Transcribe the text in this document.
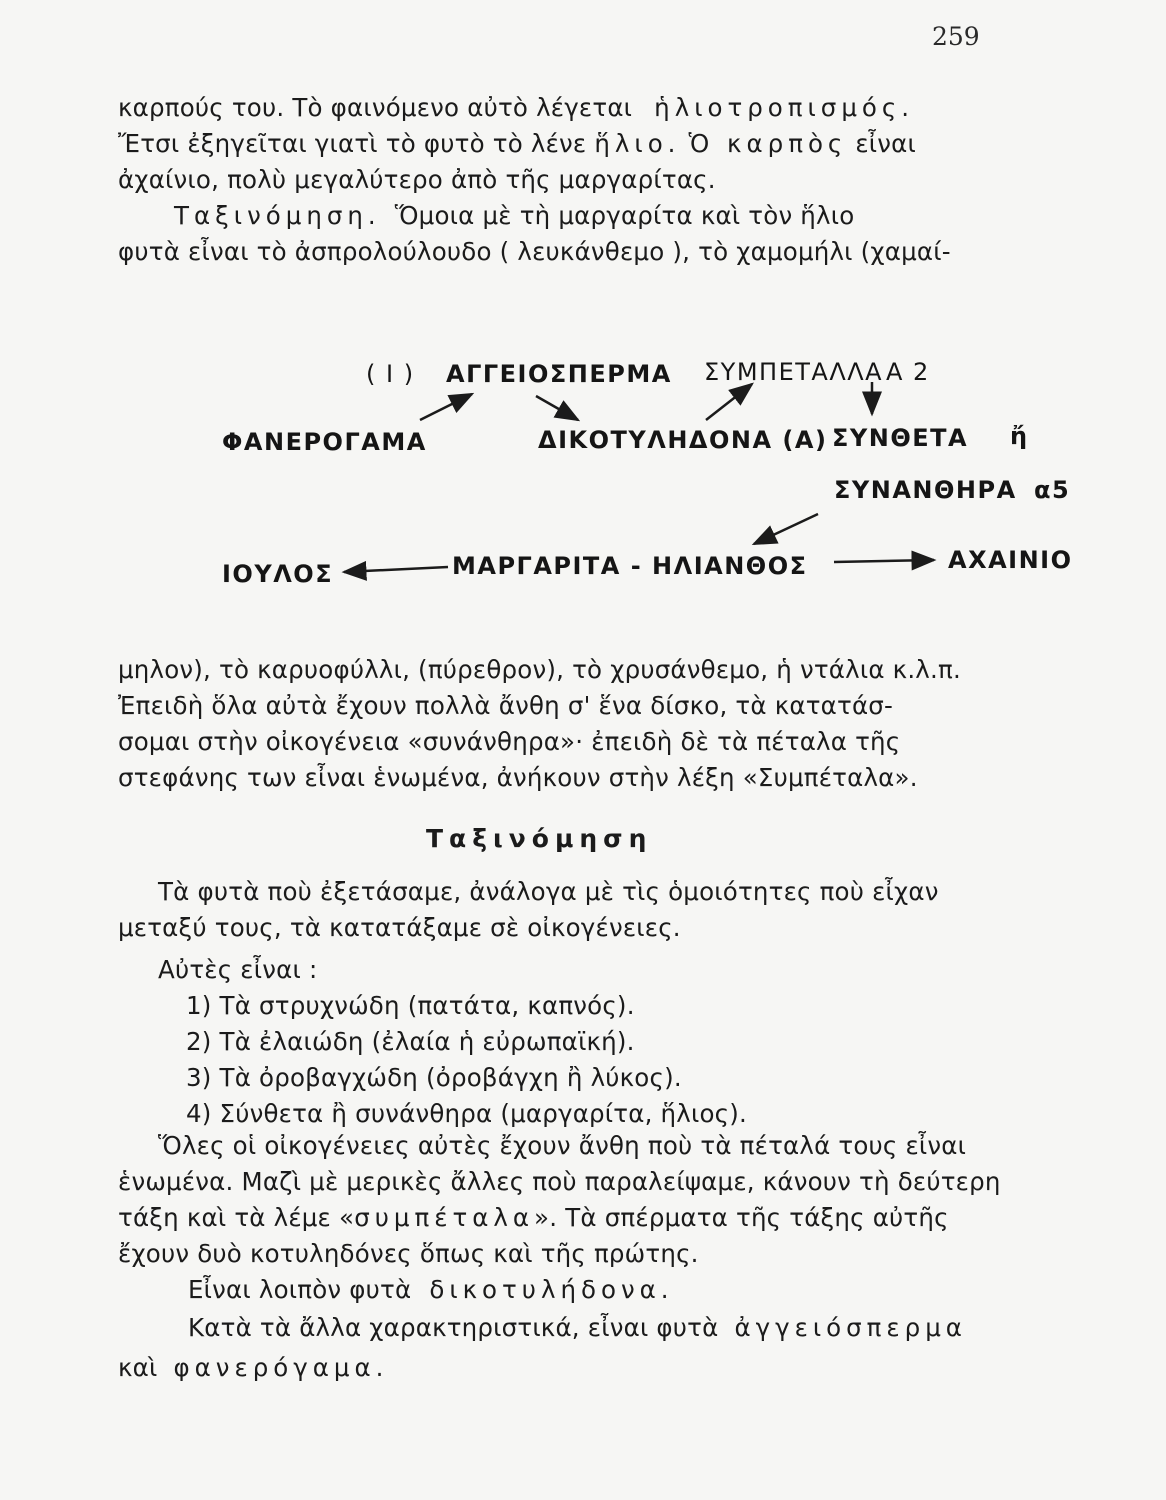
259
καρπούς του. Τὸ φαινόμενο αὐτὸ λέγεται ἡλιοτροπισμός.
Ἔτσι ἐξηγεῖται γιατὶ τὸ φυτὸ τὸ λένε ἥλιο. Ὁ καρπὸς εἶναι
ἀχαίνιο, πολὺ μεγαλύτερο ἀπὸ τῆς μαργαρίτας.
Ταξινόμηση. Ὅμοια μὲ τὴ μαργαρίτα καὶ τὸν ἥλιο
φυτὰ εἶναι τὸ ἀσπρολούλουδο ( λευκάνθεμο ), τὸ χαμομήλι (χαμαί-
( I ) ΑΓΓΕΙΟΣΠΕΡΜΑ ΣΥΜΠΕΤΑΛΛΑ Α 2
ΦΑΝΕΡΟΓΑΜΑ	ΔΙΚΟΤΥΛΗΔΟΝΑ (Α) ΣΥΝΘΕΤΑ ἤ
ΣΥΝΑΝΘΗΡΑ α5
ΙΟΥΛΟΣ	ΜΑΡΓΑΡΙΤΑ - ΗΛΙΑΝΘΟΣ	ΑΧΑΙΝΙΟ
μηλον), τὸ καρυοφύλλι, (πύρεθρον), τὸ χρυσάνθεμο, ἡ ντάλια κ.λ.π.
Ἐπειδὴ ὅλα αὐτὰ ἔχουν πολλὰ ἄνθη σ' ἕνα δίσκο, τὰ κατατάσ-
σομαι στὴν οἰκογένεια «συνάνθηρα»· ἐπειδὴ δὲ τὰ πέταλα τῆς
στεφάνης των εἶναι ἑνωμένα, ἀνήκουν στὴν λέξη «Συμπέταλα».
Ταξινόμηση
Τὰ φυτὰ ποὺ ἐξετάσαμε, ἀνάλογα μὲ τὶς ὁμοιότητες ποὺ εἶχαν
μεταξύ τους, τὰ κατατάξαμε σὲ οἰκογένειες.
Αὐτὲς εἶναι :
1) Τὰ στρυχνώδη (πατάτα, καπνός).
2) Τὰ ἐλαιώδη (ἐλαία ἡ εὐρωπαϊκή).
3) Τὰ ὀροβαγχώδη (ὀροβάγχη ἢ λύκος).
4) Σύνθετα ἢ συνάνθηρα (μαργαρίτα, ἥλιος).
Ὅλες οἱ οἰκογένειες αὐτὲς ἔχουν ἄνθη ποὺ τὰ πέταλά τους εἶναι
ἑνωμένα. Μαζὶ μὲ μερικὲς ἄλλες ποὺ παραλείψαμε, κάνουν τὴ δεύτερη
τάξη καὶ τὰ λέμε «συμπέταλα». Τὰ σπέρματα τῆς τάξης αὐτῆς
ἔχουν δυὸ κοτυληδόνες ὅπως καὶ τῆς πρώτης.
Εἶναι λοιπὸν φυτὰ δικοτυλήδονα.
Κατὰ τὰ ἄλλα χαρακτηριστικά, εἶναι φυτὰ ἀγγειόσπερμα
καὶ φανερόγαμα.
